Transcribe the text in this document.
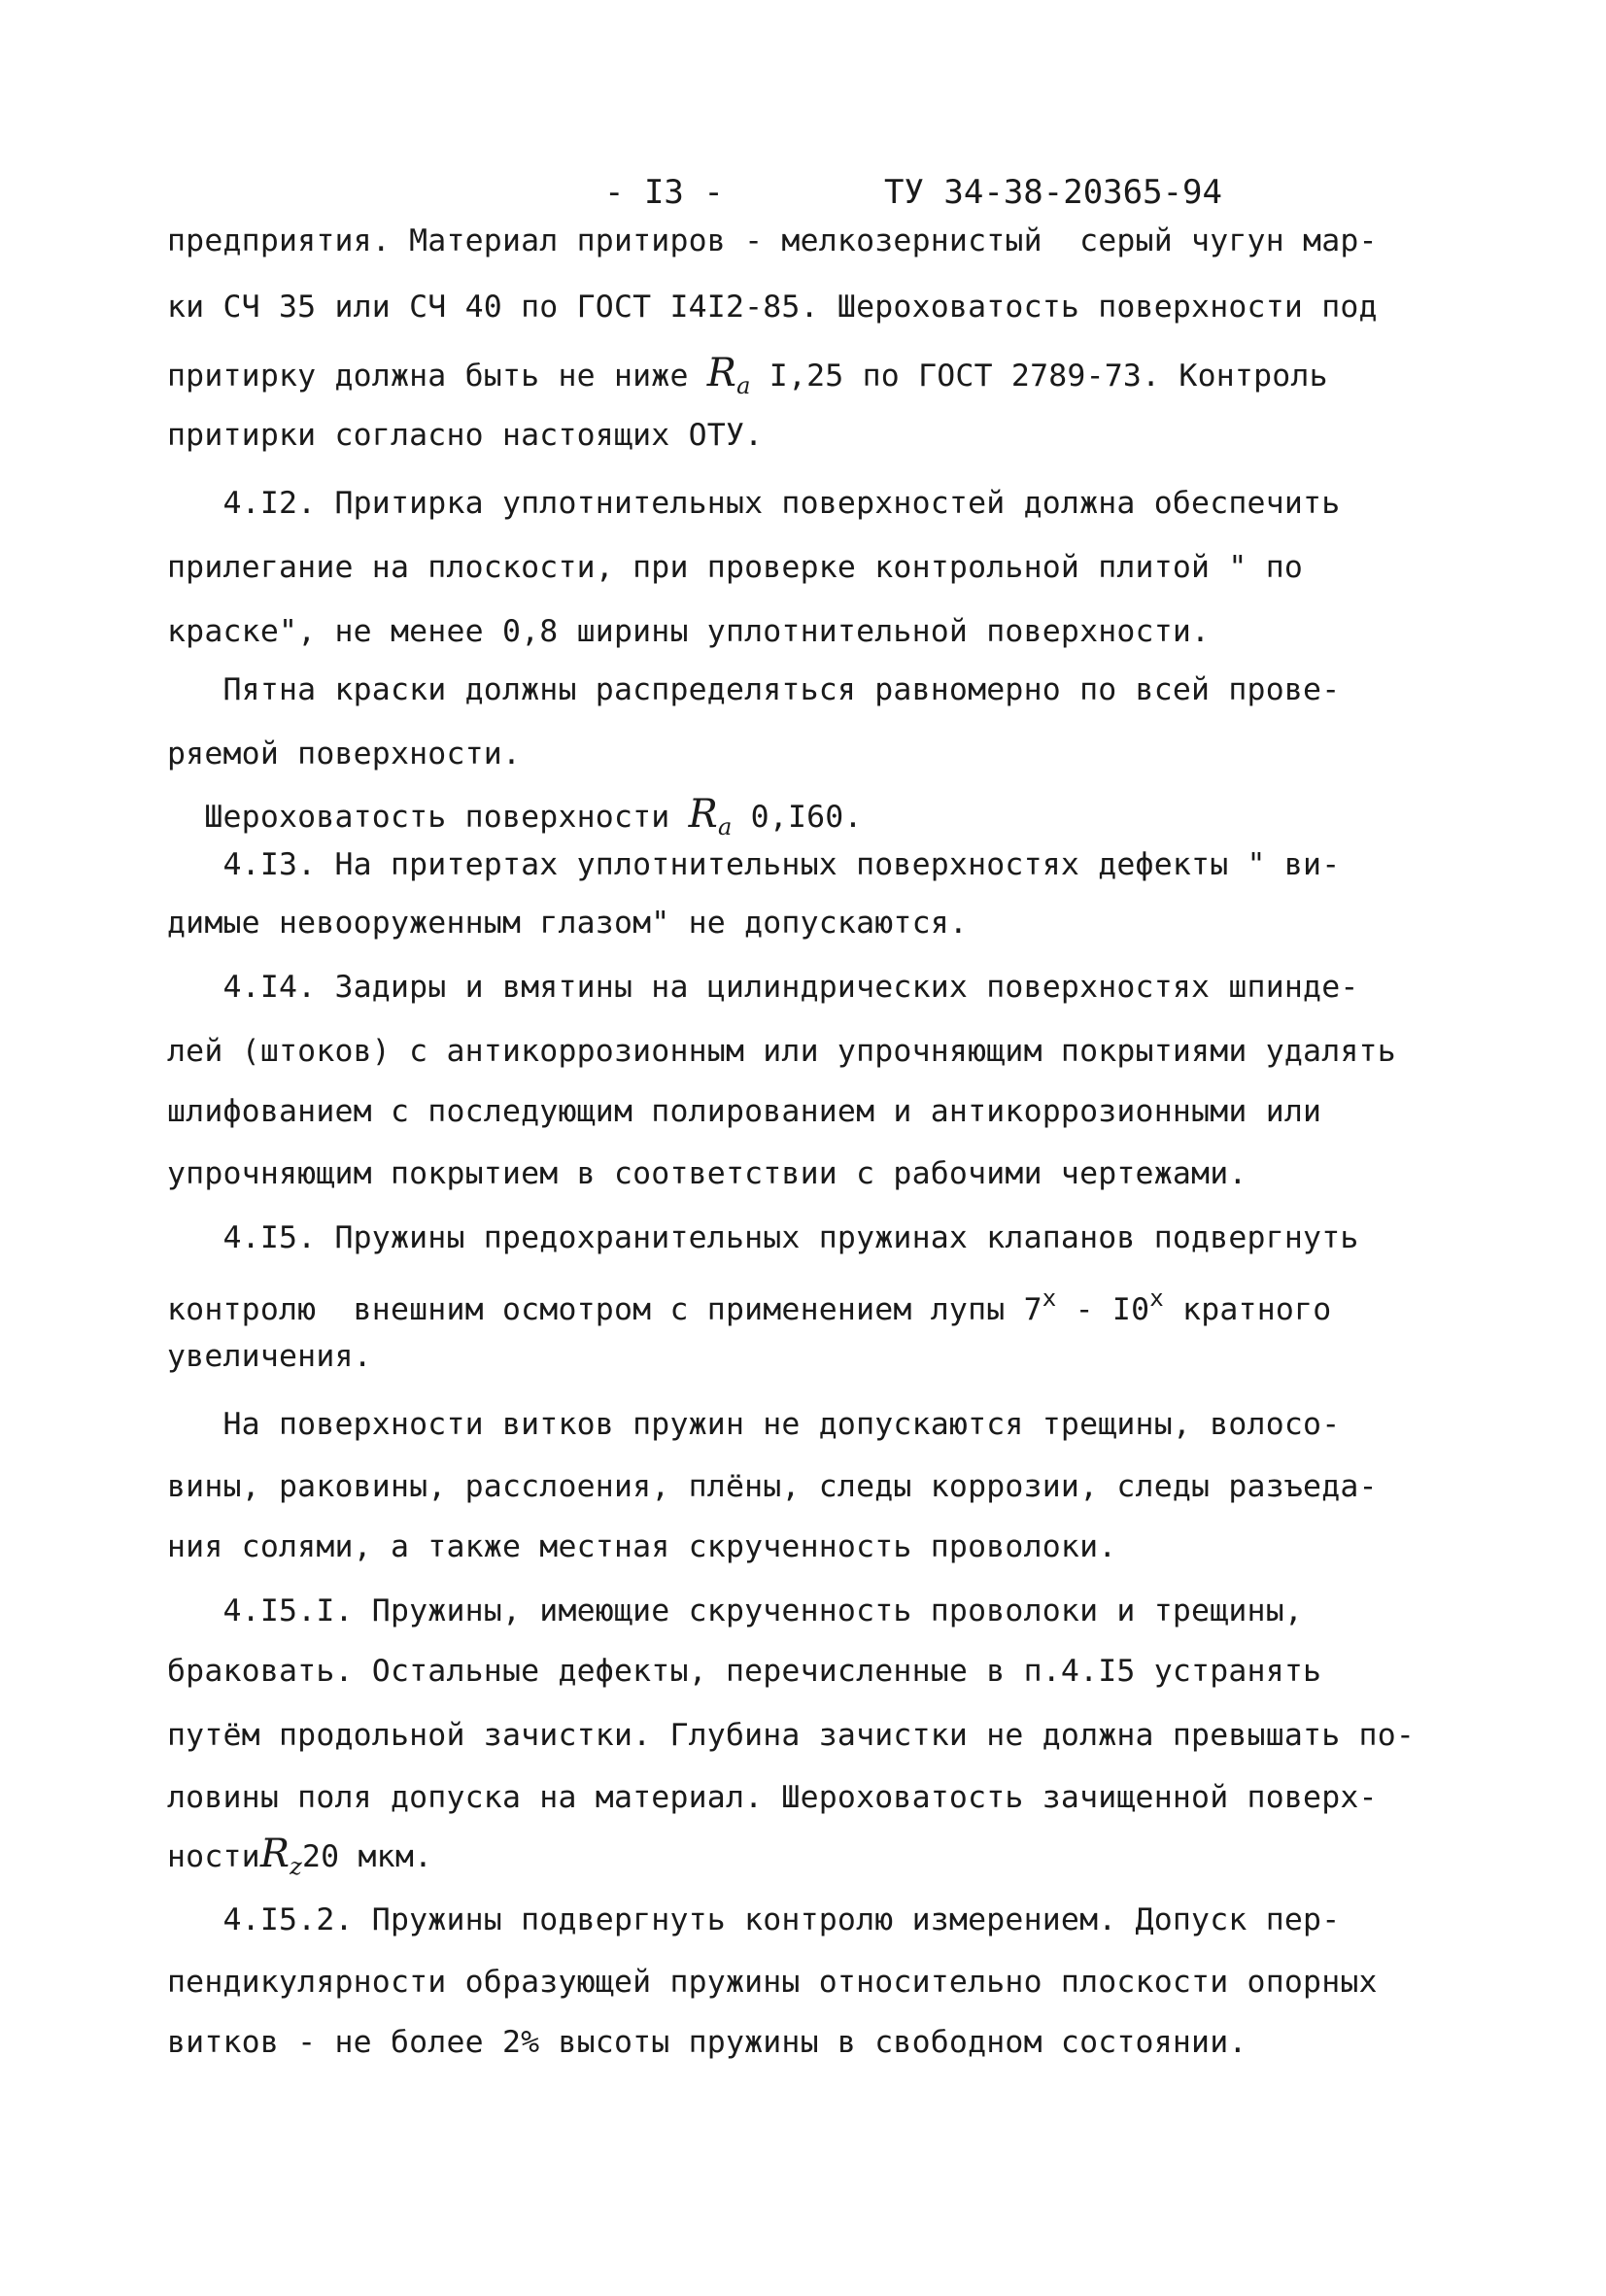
- I3 -	ТУ 34-38-20365-94
предприятия. Материал притиров - мелкозернистый  серый чугун мар-
ки СЧ 35 или СЧ 40 по ГОСТ I4I2-85. Шероховатость поверхности под
притирку должна быть не ниже $R_a$ I,25 по ГОСТ 2789-73. Контроль
притирки согласно настоящих ОТУ.
4.I2. Притирка уплотнительных поверхностей должна обеспечить
прилегание на плоскости, при проверке контрольной плитой " по
краске", не менее 0,8 ширины уплотнительной поверхности.
Пятна краски должны распределяться равномерно по всей прове-
ряемой поверхности.
Шероховатость поверхности $R_a$ 0,I60.
4.I3. На притертах уплотнительных поверхностях дефекты " ви-
димые невооруженным глазом" не допускаются.
4.I4. Задиры и вмятины на цилиндрических поверхностях шпинде-
лей (штоков) с антикоррозионным или упрочняющим покрытиями удалять
шлифованием с последующим полированием и антикоррозионными или
упрочняющим покрытием в соответствии с рабочими чертежами.
4.I5. Пружины предохранительных пружинах клапанов подвергнуть
контролю  внешним осмотром с применением лупы 7$^x$ - I0$^x$ кратного
увеличения.
На поверхности витков пружин не допускаются трещины, волосо-
вины, раковины, расслоения, плёны, следы коррозии, следы разъеда-
ния солями, а также местная скрученность проволоки.
4.I5.I. Пружины, имеющие скрученность проволоки и трещины,
браковать. Остальные дефекты, перечисленные в п.4.I5 устранять
путём продольной зачистки. Глубина зачистки не должна превышать по-
ловины поля допуска на материал. Шероховатость зачищенной поверх-
ностиR$_z$20 мкм.
4.I5.2. Пружины подвергнуть контролю измерением. Допуск пер-
пендикулярности образующей пружины относительно плоскости опорных
витков - не более 2% высоты пружины в свободном состоянии.
